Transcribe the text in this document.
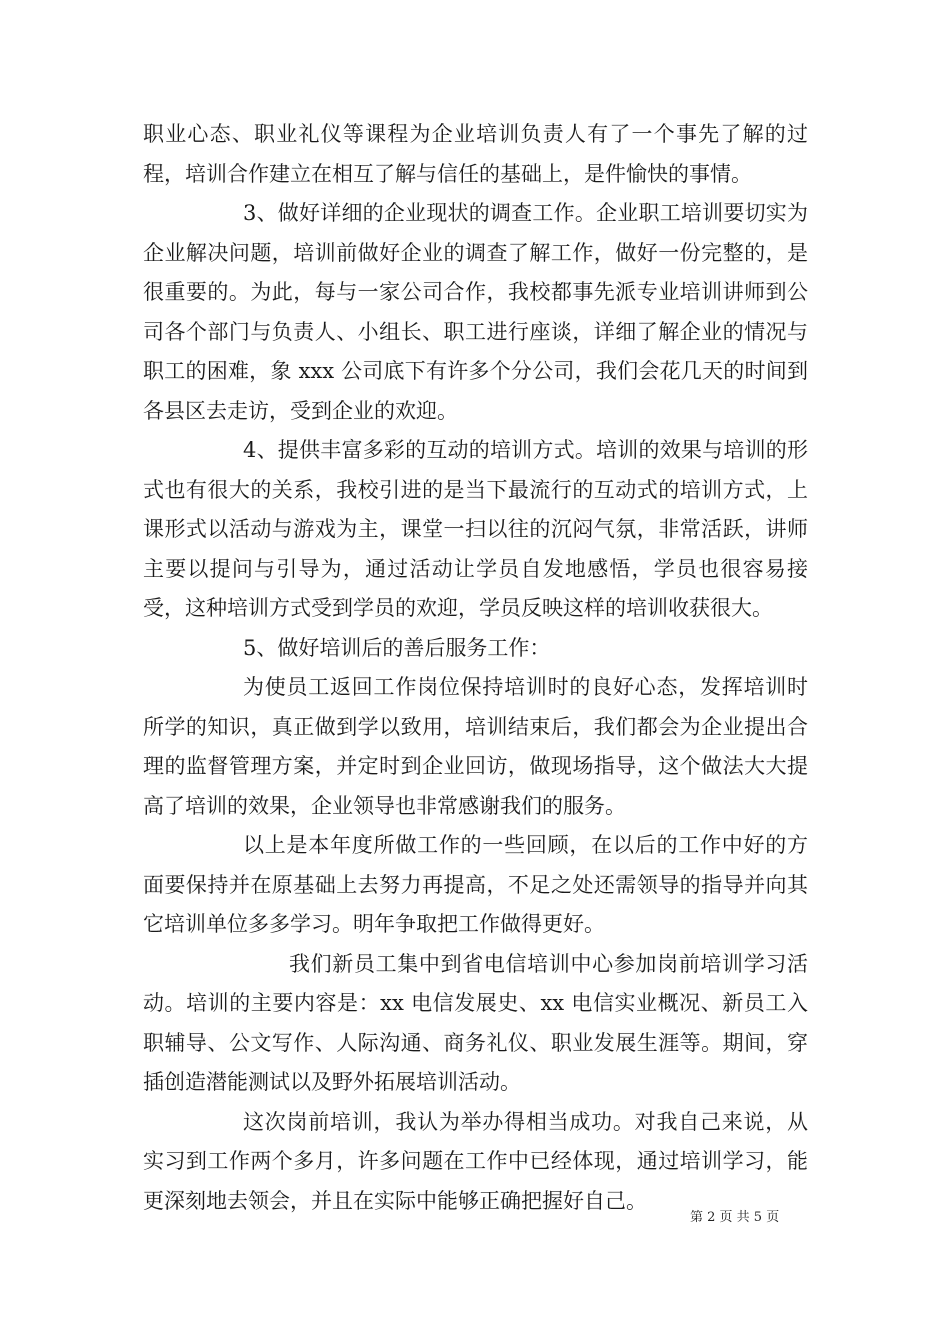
职业心态、职业礼仪等课程为企业培训负责人有了一个事先了解的过程，培训合作建立在相互了解与信任的基础上，是件愉快的事情。

3、做好详细的企业现状的调查工作。企业职工培训要切实为企业解决问题，培训前做好企业的调查了解工作，做好一份完整的，是很重要的。为此，每与一家公司合作，我校都事先派专业培训讲师到公司各个部门与负责人、小组长、职工进行座谈，详细了解企业的情况与职工的困难，象 xxx 公司底下有许多个分公司，我们会花几天的时间到各县区去走访，受到企业的欢迎。

4、提供丰富多彩的互动的培训方式。培训的效果与培训的形式也有很大的关系，我校引进的是当下最流行的互动式的培训方式，上课形式以活动与游戏为主，课堂一扫以往的沉闷气氛，非常活跃，讲师主要以提问与引导为，通过活动让学员自发地感悟，学员也很容易接受，这种培训方式受到学员的欢迎，学员反映这样的培训收获很大。

5、做好培训后的善后服务工作：

为使员工返回工作岗位保持培训时的良好心态，发挥培训时所学的知识，真正做到学以致用，培训结束后，我们都会为企业提出合理的监督管理方案，并定时到企业回访，做现场指导，这个做法大大提高了培训的效果，企业领导也非常感谢我们的服务。

以上是本年度所做工作的一些回顾，在以后的工作中好的方面要保持并在原基础上去努力再提高，不足之处还需领导的指导并向其它培训单位多多学习。明年争取把工作做得更好。

我们新员工集中到省电信培训中心参加岗前培训学习活动。培训的主要内容是：xx 电信发展史、xx 电信实业概况、新员工入职辅导、公文写作、人际沟通、商务礼仪、职业发展生涯等。期间，穿插创造潜能测试以及野外拓展培训活动。

这次岗前培训，我认为举办得相当成功。对我自己来说，从实习到工作两个多月，许多问题在工作中已经体现，通过培训学习，能更深刻地去领会，并且在实际中能够正确把握好自己。

第 2 页 共 5 页
